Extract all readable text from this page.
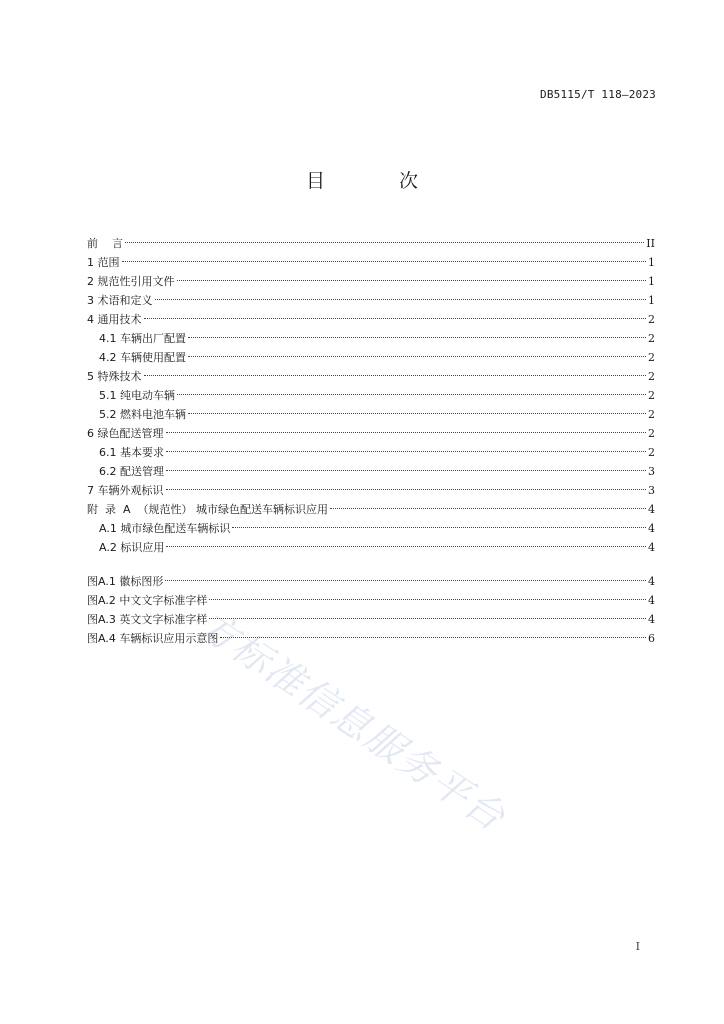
DB5115/T 118—2023
目 次
前    言	II
1 范围	1
2 规范性引用文件	1
3 术语和定义	1
4 通用技术	2
4.1 车辆出厂配置	2
4.2 车辆使用配置	2
5 特殊技术	2
5.1 纯电动车辆	2
5.2 燃料电池车辆	2
6 绿色配送管理	2
6.1 基本要求	2
6.2 配送管理	3
7 车辆外观标识	3
附  录  A  （规范性） 城市绿色配送车辆标识应用	4
A.1 城市绿色配送车辆标识	4
A.2 标识应用	4
图A.1 徽标图形	4
图A.2 中文文字标准字样	4
图A.3 英文文字标准字样	4
图A.4 车辆标识应用示意图	6
方标准信息服务平台
I
